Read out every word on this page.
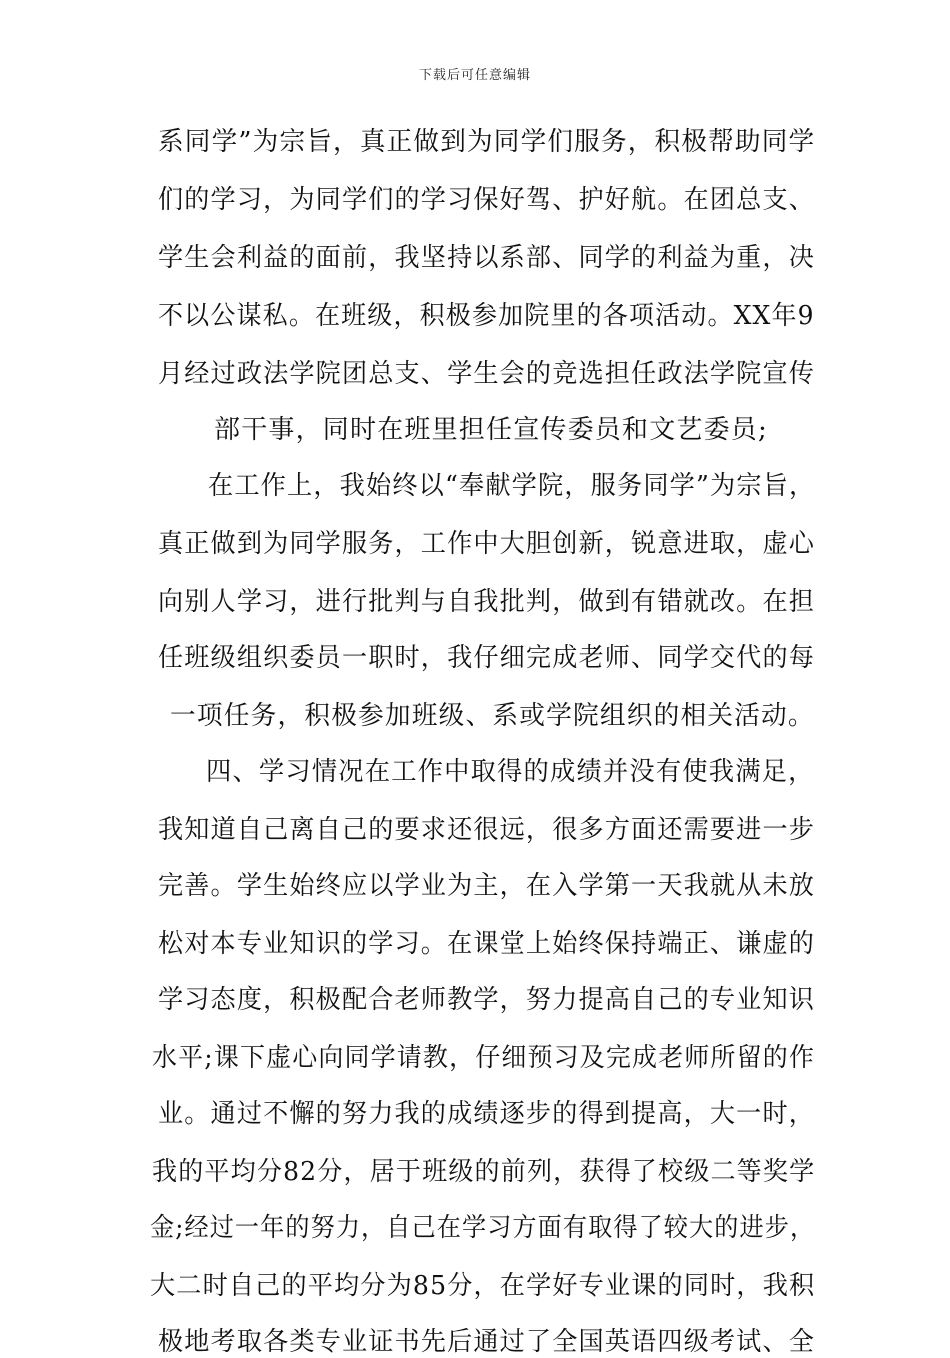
下载后可任意编辑
系同学”为宗旨，真正做到为同学们服务，积极帮助同学
们的学习，为同学们的学习保好驾、护好航。在团总支、
学生会利益的面前，我坚持以系部、同学的利益为重，决
不以公谋私。在班级，积极参加院里的各项活动。XX年9
月经过政法学院团总支、学生会的竞选担任政法学院宣传
部干事，同时在班里担任宣传委员和文艺委员;
在工作上，我始终以“奉献学院，服务同学”为宗旨，
真正做到为同学服务，工作中大胆创新，锐意进取，虚心
向别人学习，进行批判与自我批判，做到有错就改。在担
任班级组织委员一职时，我仔细完成老师、同学交代的每
一项任务，积极参加班级、系或学院组织的相关活动。
四、学习情况在工作中取得的成绩并没有使我满足，
我知道自己离自己的要求还很远，很多方面还需要进一步
完善。学生始终应以学业为主，在入学第一天我就从未放
松对本专业知识的学习。在课堂上始终保持端正、谦虚的
学习态度，积极配合老师教学，努力提高自己的专业知识
水平;课下虚心向同学请教，仔细预习及完成老师所留的作
业。通过不懈的努力我的成绩逐步的得到提高，大一时，
我的平均分82分，居于班级的前列，获得了校级二等奖学
金;经过一年的努力，自己在学习方面有取得了较大的进步，
大二时自己的平均分为85分，在学好专业课的同时，我积
极地考取各类专业证书先后通过了全国英语四级考试、全
